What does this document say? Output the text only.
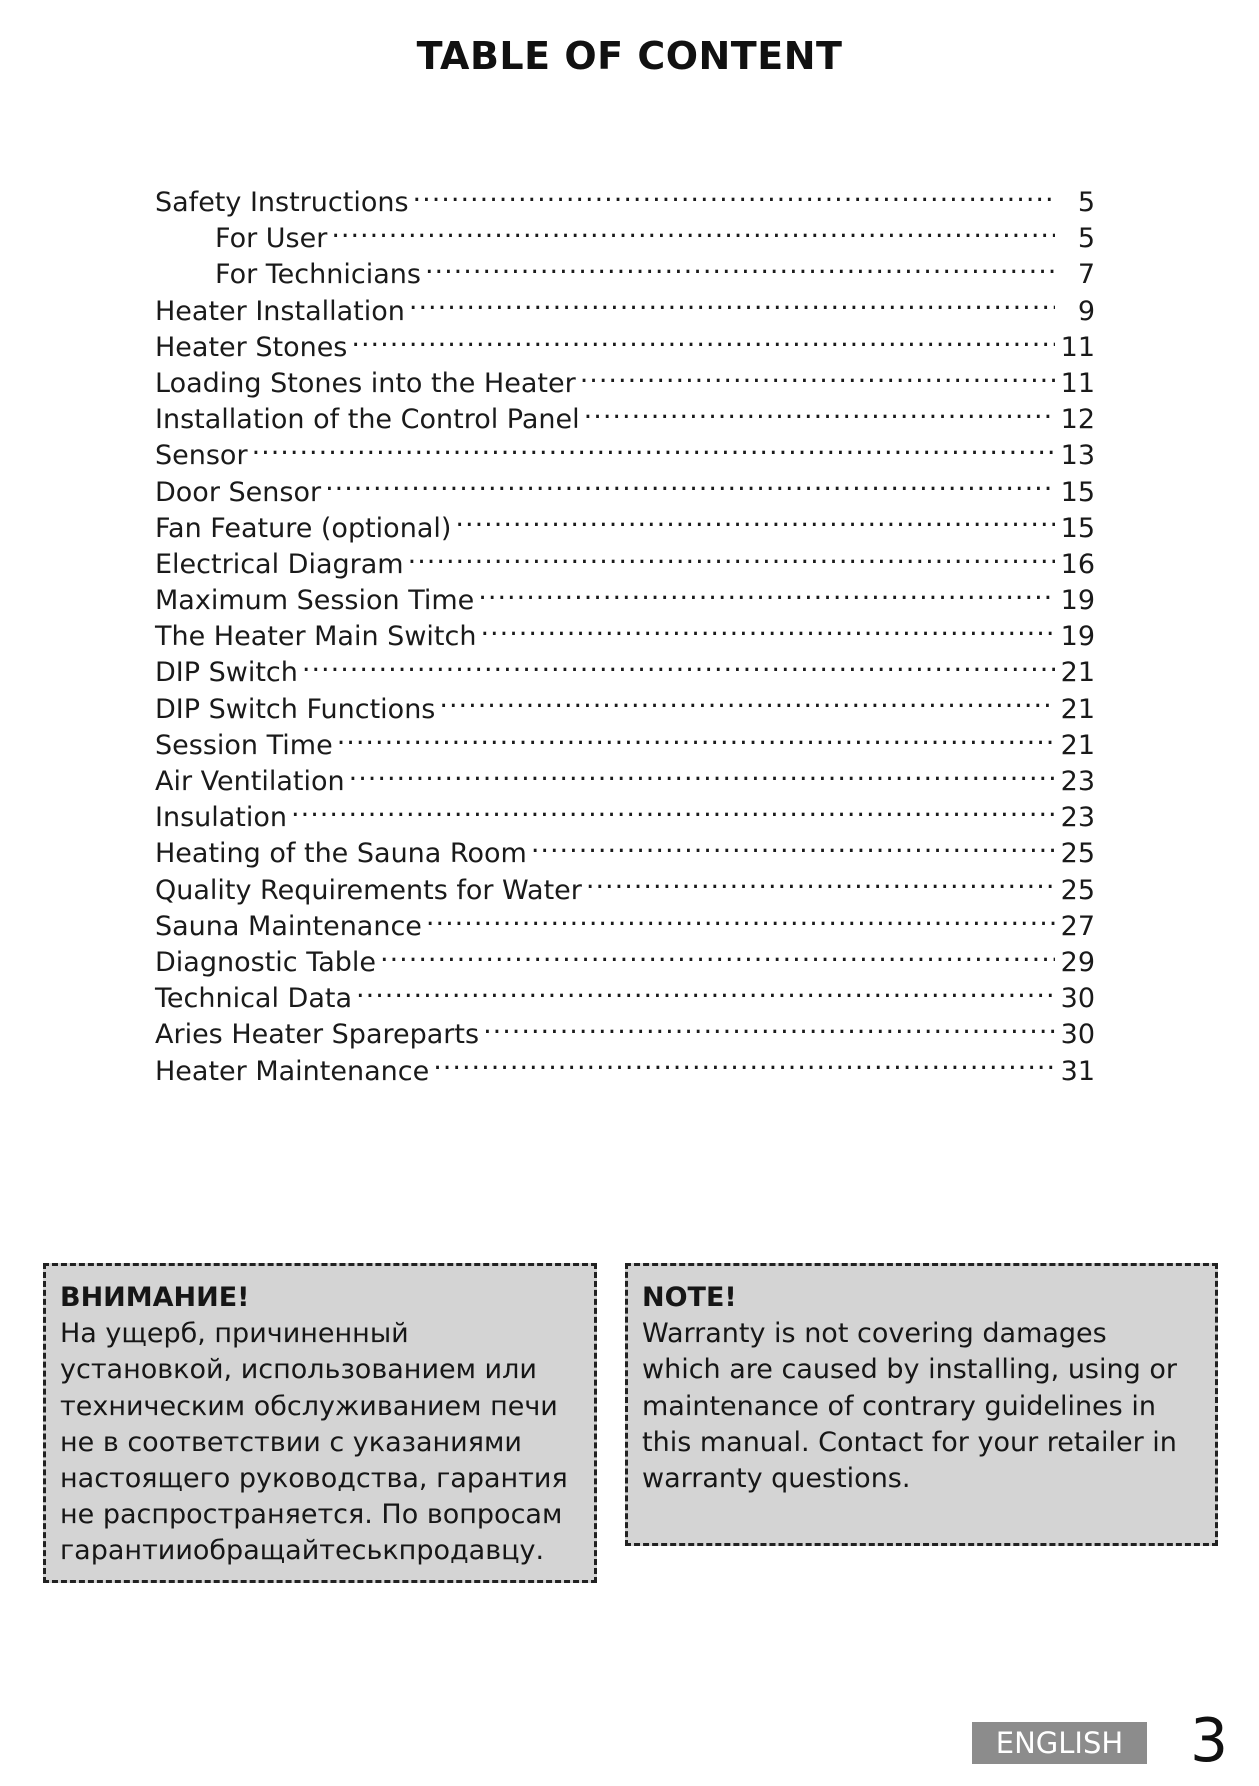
TABLE OF CONTENT
Safety Instructions .....	5
For User .....	5
For Technicians .....	7
Heater Installation .....	9
Heater Stones .....	11
Loading Stones into the Heater .....	11
Installation of the Control Panel .....	12
Sensor .....	13
Door Sensor .....	15
Fan Feature (optional) .....	15
Electrical Diagram .....	16
Maximum Session Time .....	19
The Heater Main Switch .....	19
DIP Switch .....	21
DIP Switch Functions .....	21
Session Time .....	21
Air Ventilation .....	23
Insulation .....	23
Heating of the Sauna Room .....	25
Quality Requirements for Water .....	25
Sauna Maintenance .....	27
Diagnostic Table .....	29
Technical Data .....	30
Aries Heater Spareparts .....	30
Heater Maintenance .....	31
ВНИМАНИЕ!
На ущерб, причиненный
установкой, использованием или
техническим обслуживанием печи
не в соответствии с указаниями
настоящего руководства, гарантия
не распространяется. По вопросам
гарантииобращайтеськпродавцу.
NOTE!
Warranty is not covering damages
which are caused by installing, using or
maintenance of contrary guidelines in
this manual. Contact for your retailer in
warranty questions.
ENGLISH	3
